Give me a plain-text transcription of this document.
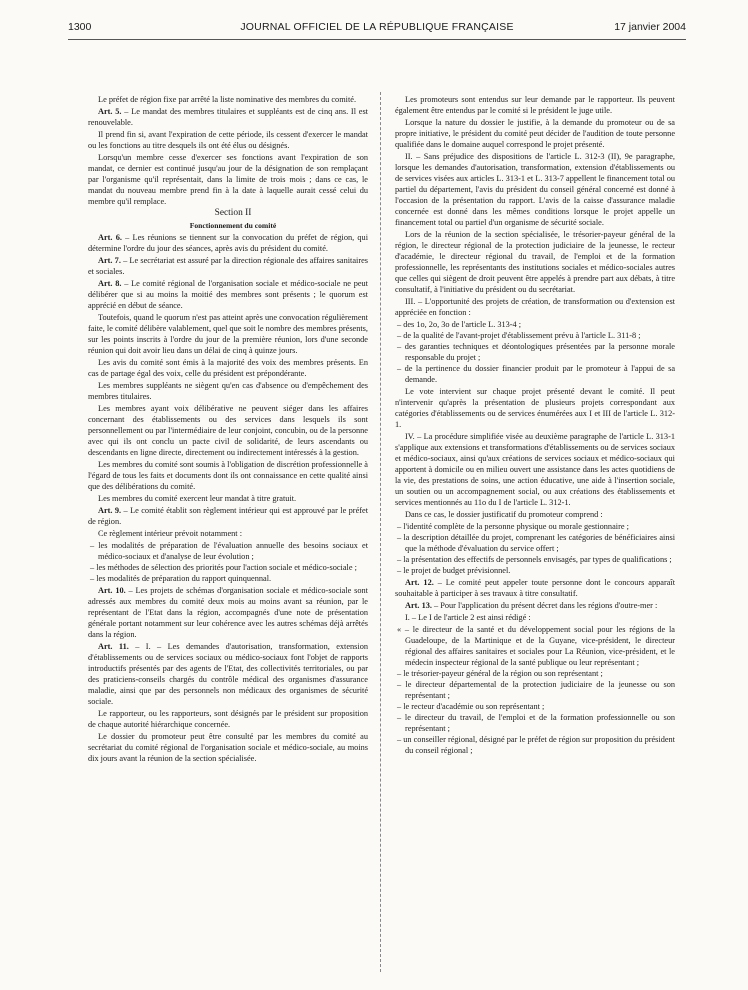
1300	JOURNAL OFFICIEL DE LA RÉPUBLIQUE FRANÇAISE	17 janvier 2004

Le préfet de région fixe par arrêté la liste nominative des membres du comité.

Art. 5. – Le mandat des membres titulaires et suppléants est de cinq ans. Il est renouvelable.

Il prend fin si, avant l'expiration de cette période, ils cessent d'exercer le mandat ou les fonctions au titre desquels ils ont été élus ou désignés.

Lorsqu'un membre cesse d'exercer ses fonctions avant l'expiration de son mandat, ce dernier est continué jusqu'au jour de la désignation de son remplaçant par l'organisme qu'il représentait, dans la limite de trois mois ; dans ce cas, le mandat du nouveau membre prend fin à la date à laquelle aurait cessé celui du membre qu'il remplace.

Section II

Fonctionnement du comité

Art. 6. – Les réunions se tiennent sur la convocation du préfet de région, qui détermine l'ordre du jour des séances, après avis du président du comité.

Art. 7. – Le secrétariat est assuré par la direction régionale des affaires sanitaires et sociales.

Art. 8. – Le comité régional de l'organisation sociale et médico-sociale ne peut délibérer que si au moins la moitié des membres sont présents ; le quorum est apprécié en début de séance.

Toutefois, quand le quorum n'est pas atteint après une convocation régulièrement faite, le comité délibère valablement, quel que soit le nombre des membres présents, sur les points inscrits à l'ordre du jour de la première réunion, lors d'une seconde réunion qui doit avoir lieu dans un délai de cinq à quinze jours.

Les avis du comité sont émis à la majorité des voix des membres présents. En cas de partage égal des voix, celle du président est prépondérante.

Les membres suppléants ne siègent qu'en cas d'absence ou d'empêchement des membres titulaires.

Les membres ayant voix délibérative ne peuvent siéger dans les affaires concernant des établissements ou des services dans lesquels ils sont personnellement ou par l'intermédiaire de leur conjoint, concubin, ou de la personne avec qui ils ont conclu un pacte civil de solidarité, de leurs ascendants ou descendants en ligne directe, directement ou indirectement intéressés à la gestion.

Les membres du comité sont soumis à l'obligation de discrétion professionnelle à l'égard de tous les faits et documents dont ils ont connaissance en cette qualité ainsi que des délibérations du comité.

Les membres du comité exercent leur mandat à titre gratuit.

Art. 9. – Le comité établit son règlement intérieur qui est approuvé par le préfet de région.

Ce règlement intérieur prévoit notamment :

– les modalités de préparation de l'évaluation annuelle des besoins sociaux et médico-sociaux et d'analyse de leur évolution ;
– les méthodes de sélection des priorités pour l'action sociale et médico-sociale ;
– les modalités de préparation du rapport quinquennal.

Art. 10. – Les projets de schémas d'organisation sociale et médico-sociale sont adressés aux membres du comité deux mois au moins avant sa réunion, par le représentant de l'Etat dans la région, accompagnés d'une note de présentation générale portant notamment sur leur cohérence avec les autres schémas déjà arrêtés dans la région.

Art. 11. – I. – Les demandes d'autorisation, transformation, extension d'établissements ou de services sociaux ou médico-sociaux font l'objet de rapports introductifs présentés par des agents de l'Etat, des collectivités territoriales, ou par des praticiens-conseils chargés du contrôle médical des organismes d'assurance maladie, ainsi que par des personnels non médicaux des organismes de sécurité sociale.

Le rapporteur, ou les rapporteurs, sont désignés par le président sur proposition de chaque autorité hiérarchique concernée.

Le dossier du promoteur peut être consulté par les membres du comité au secrétariat du comité régional de l'organisation sociale et médico-sociale, au moins dix jours avant la réunion de la section spécialisée.

Les promoteurs sont entendus sur leur demande par le rapporteur. Ils peuvent également être entendus par le comité si le président le juge utile.

Lorsque la nature du dossier le justifie, à la demande du promoteur ou de sa propre initiative, le président du comité peut décider de l'audition de toute personne qualifiée dans le domaine auquel correspond le projet présenté.

II. – Sans préjudice des dispositions de l'article L. 312-3 (II), 9e paragraphe, lorsque les demandes d'autorisation, transformation, extension d'établissements ou de services visées aux articles L. 313-1 et L. 313-7 appellent le financement total ou partiel du département, l'avis du président du conseil général concerné est donné à l'occasion de la présentation du rapport. L'avis de la caisse d'assurance maladie concernée est donné dans les mêmes conditions lorsque le projet appelle un financement total ou partiel d'un organisme de sécurité sociale.

Lors de la réunion de la section spécialisée, le trésorier-payeur général de la région, le directeur régional de la protection judiciaire de la jeunesse, le recteur d'académie, le directeur régional du travail, de l'emploi et de la formation professionnelle, les représentants des institutions sociales et médico-sociales autres que celles qui siègent de droit peuvent être appelés à prendre part aux débats, à titre consultatif, à l'initiative du président ou du secrétariat.

III. – L'opportunité des projets de création, de transformation ou d'extension est appréciée en fonction :

– des 1o, 2o, 3o de l'article L. 313-4 ;
– de la qualité de l'avant-projet d'établissement prévu à l'article L. 311-8 ;
– des garanties techniques et déontologiques présentées par la personne morale responsable du projet ;
– de la pertinence du dossier financier produit par le promoteur à l'appui de sa demande.

Le vote intervient sur chaque projet présenté devant le comité. Il peut n'intervenir qu'après la présentation de plusieurs projets correspondant aux catégories d'établissements ou de services énumérées aux I et III de l'article L. 312-1.

IV. – La procédure simplifiée visée au deuxième paragraphe de l'article L. 313-1 s'applique aux extensions et transformations d'établissements ou de services sociaux et médico-sociaux, ainsi qu'aux créations de services sociaux et médico-sociaux qui apportent à domicile ou en milieu ouvert une assistance dans les actes quotidiens de la vie, des prestations de soins, une action éducative, une aide à l'insertion sociale, un soutien ou un accompagnement social, ou aux créations des établissements et services mentionnés au 11o du I de l'article L. 312-1.

Dans ce cas, le dossier justificatif du promoteur comprend :

– l'identité complète de la personne physique ou morale gestionnaire ;
– la description détaillée du projet, comprenant les catégories de bénéficiaires ainsi que la méthode d'évaluation du service offert ;
– la présentation des effectifs de personnels envisagés, par types de qualifications ;
– le projet de budget prévisionnel.

Art. 12. – Le comité peut appeler toute personne dont le concours apparaît souhaitable à participer à ses travaux à titre consultatif.

Art. 13. – Pour l'application du présent décret dans les régions d'outre-mer :

I. – Le I de l'article 2 est ainsi rédigé :

« – le directeur de la santé et du développement social pour les régions de la Guadeloupe, de la Martinique et de la Guyane, vice-président, le directeur régional des affaires sanitaires et sociales pour La Réunion, vice-président, et le médecin inspecteur régional de la santé publique ou leur représentant ;
– le trésorier-payeur général de la région ou son représentant ;
– le directeur départemental de la protection judiciaire de la jeunesse ou son représentant ;
– le recteur d'académie ou son représentant ;
– le directeur du travail, de l'emploi et de la formation professionnelle ou son représentant ;
– un conseiller régional, désigné par le préfet de région sur proposition du président du conseil régional ;
